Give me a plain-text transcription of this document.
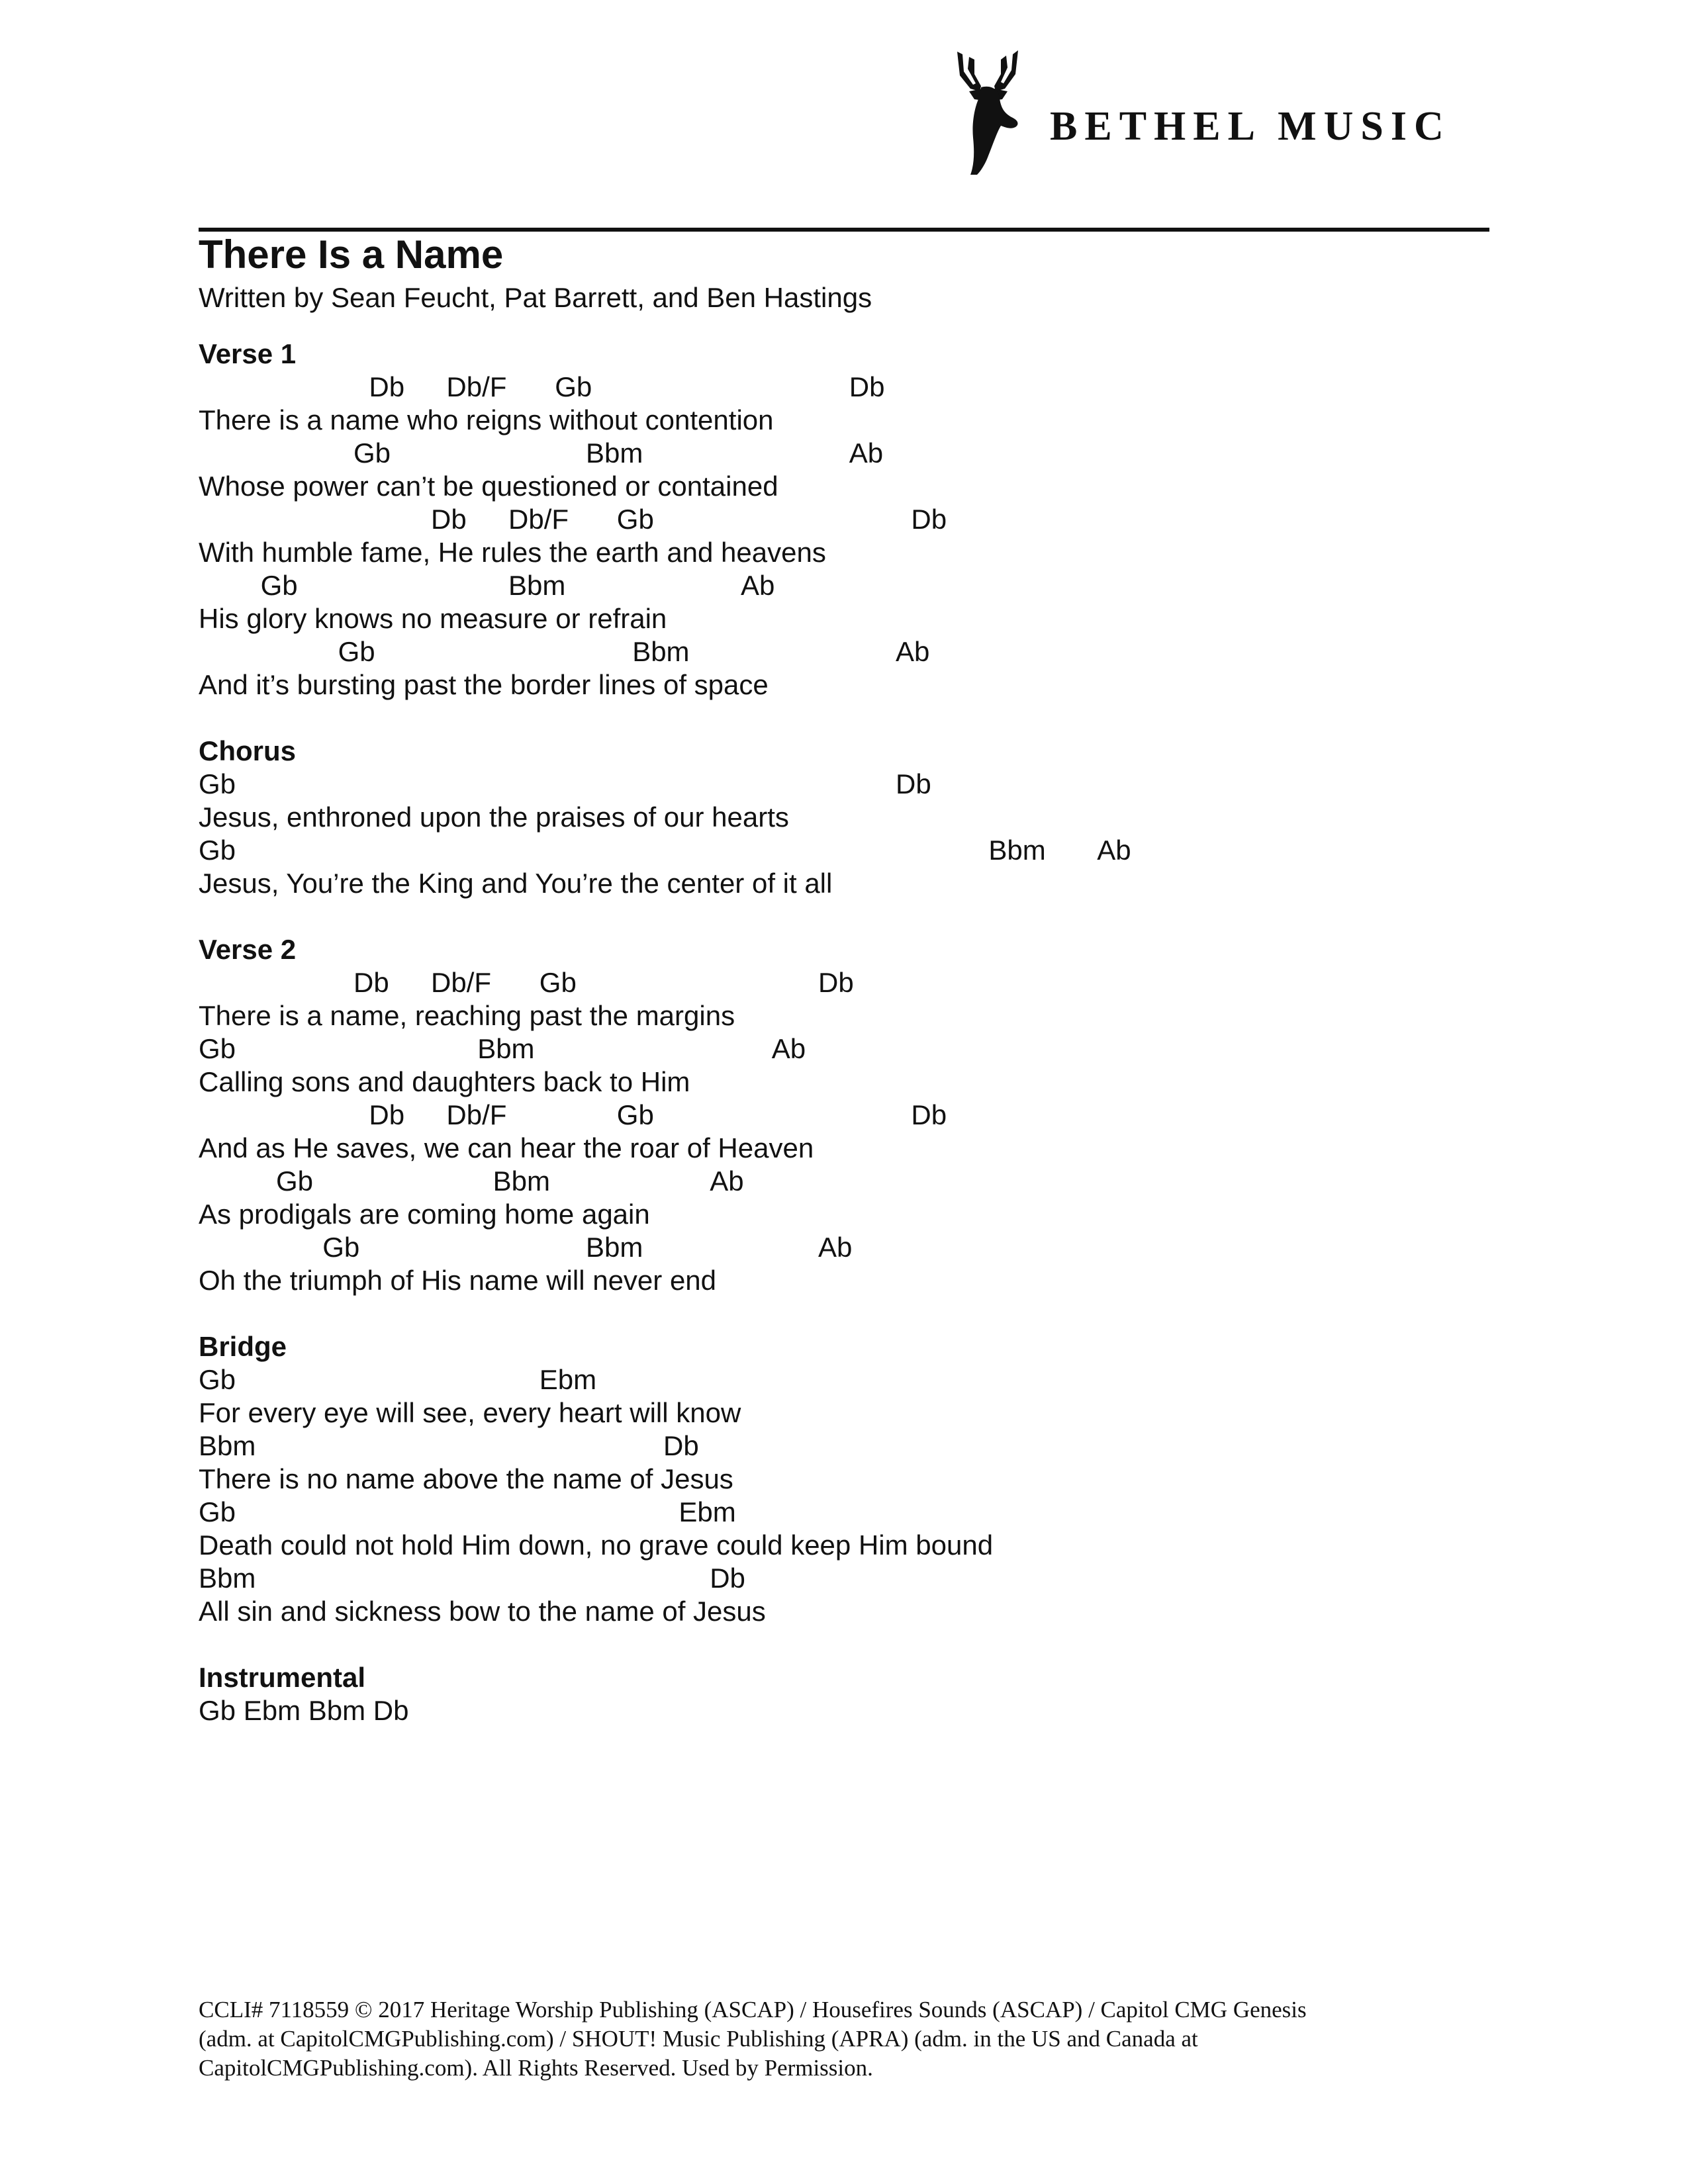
BETHEL MUSIC
There Is a Name
Written by Sean Feucht, Pat Barrett, and Ben Hastings
Verse 1
Db Db/F Gb	Db
There is a name who reigns without contention
Gb	Bbm	Ab
Whose power can’t be questioned or contained
Db Db/F Gb	Db
With humble fame, He rules the earth and heavens
Gb	Bbm	Ab
His glory knows no measure or refrain
Gb	Bbm	Ab
And it’s bursting past the border lines of space
Chorus
Gb	Db
Jesus, enthroned upon the praises of our hearts
Gb	Bbm Ab
Jesus, You’re the King and You’re the center of it all
Verse 2
Db Db/F Gb	Db
There is a name, reaching past the margins
Gb	Bbm	Ab
Calling sons and daughters back to Him
Db Db/F	Gb	Db
And as He saves, we can hear the roar of Heaven
Gb	Bbm	Ab
As prodigals are coming home again
Gb	Bbm	Ab
Oh the triumph of His name will never end
Bridge
Gb	Ebm
For every eye will see, every heart will know
Bbm	Db
There is no name above the name of Jesus
Gb	Ebm
Death could not hold Him down, no grave could keep Him bound
Bbm	Db
All sin and sickness bow to the name of Jesus
Instrumental
Gb Ebm Bbm Db
CCLI# 7118559 © 2017 Heritage Worship Publishing (ASCAP) / Housefires Sounds (ASCAP) / Capitol CMG Genesis
(adm. at CapitolCMGPublishing.com) / SHOUT! Music Publishing (APRA) (adm. in the US and Canada at
CapitolCMGPublishing.com). All Rights Reserved. Used by Permission.
